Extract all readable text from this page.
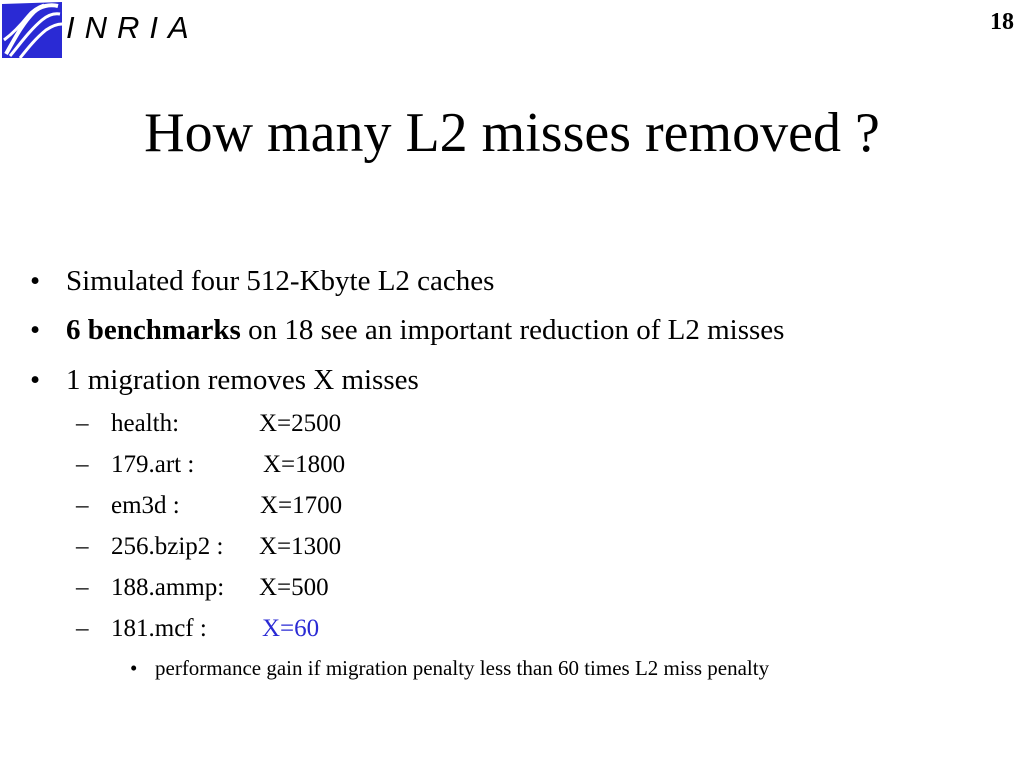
INRIA	18
How many L2 misses removed ?
• Simulated four 512-Kbyte L2 caches
• 6 benchmarks on 18 see an important reduction of L2 misses
• 1 migration removes X misses
– health:	X=2500
– 179.art :	X=1800
– em3d :	X=1700
– 256.bzip2 : X=1300
– 188.ammp: X=500
– 181.mcf : X=60
• performance gain if migration penalty less than 60 times L2 miss penalty
